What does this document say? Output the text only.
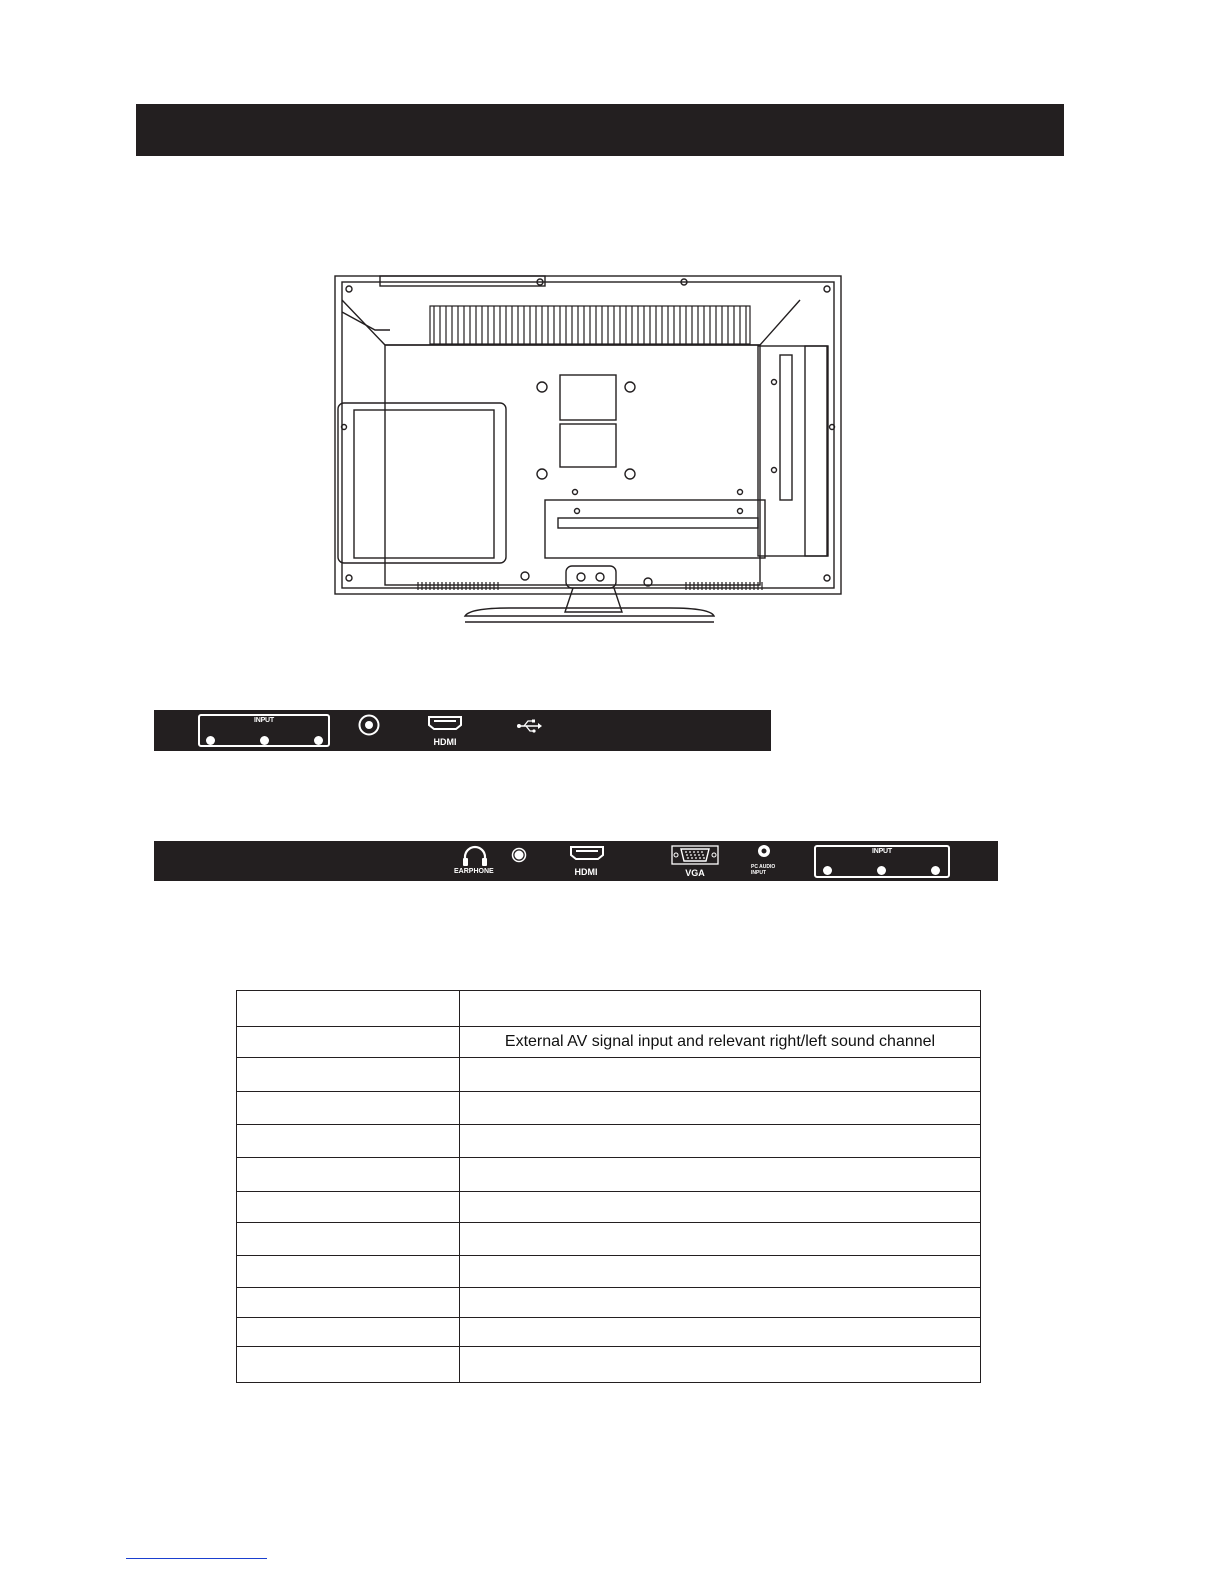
INPUT
HDMI
EARPHONE	HDMI	VGA
PC AUDIO
INPUT
INPUT

	External AV signal input and relevant right/left sound channel
